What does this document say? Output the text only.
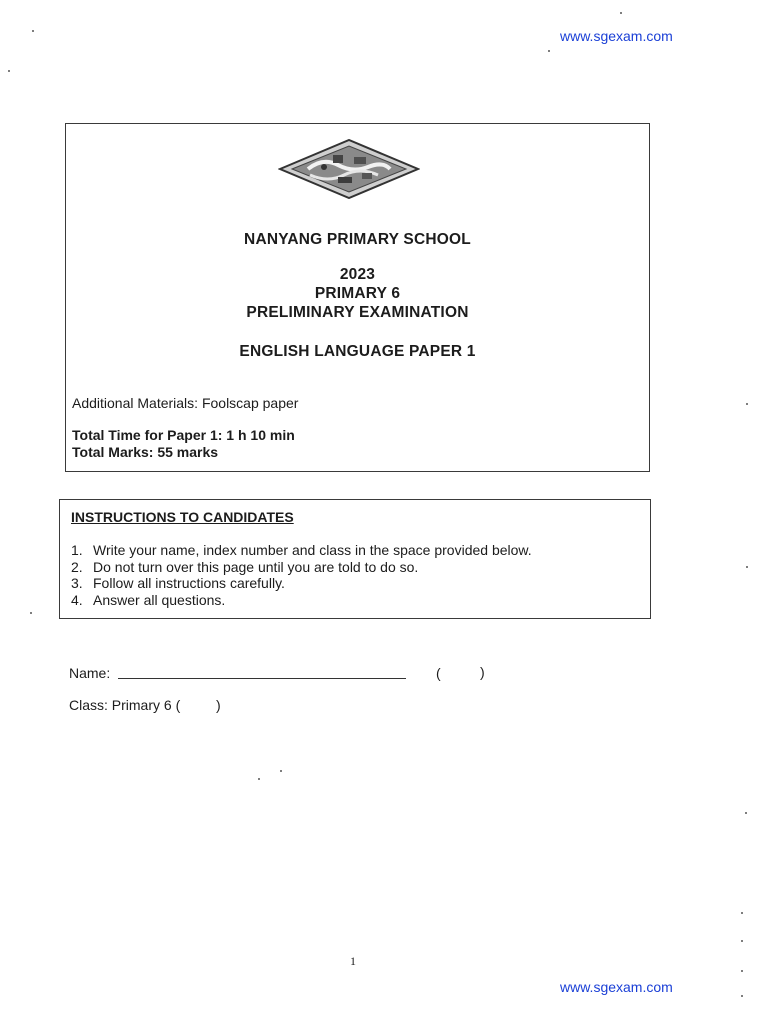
www.sgexam.com
NANYANG PRIMARY SCHOOL
2023
PRIMARY 6
PRELIMINARY EXAMINATION
ENGLISH LANGUAGE PAPER 1
Additional Materials: Foolscap paper
Total Time for Paper 1: 1 h 10 min
Total Marks: 55 marks
INSTRUCTIONS TO CANDIDATES
1. Write your name, index number and class in the space provided below.
2. Do not turn over this page until you are told to do so.
3. Follow all instructions carefully.
4. Answer all questions.
Name:	(	)
Class: Primary 6 (	)
1
www.sgexam.com
